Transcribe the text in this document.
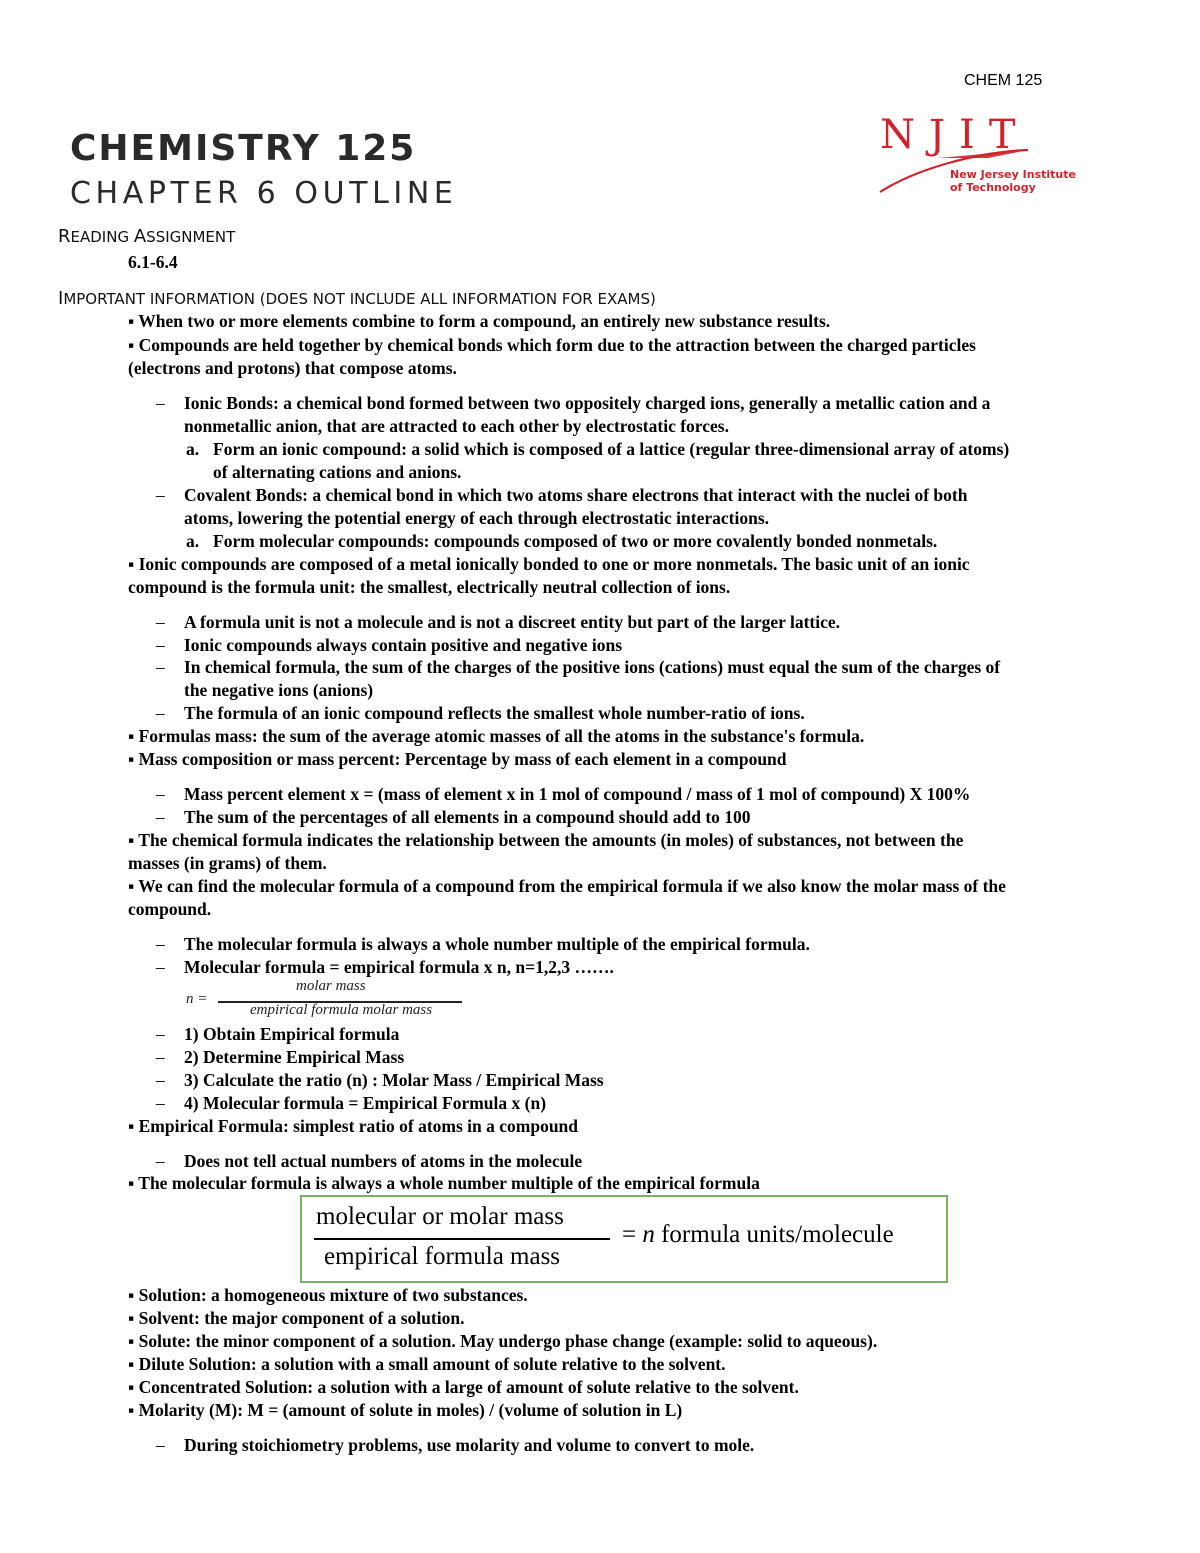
CHEM 125
CHEMISTRY 125
CHAPTER 6 OUTLINE
NJIT
New Jersey Institute
of Technology
READING ASSIGNMENT
6.1-6.4
IMPORTANT INFORMATION (DOES NOT INCLUDE ALL INFORMATION FOR EXAMS)
▪ When two or more elements combine to form a compound, an entirely new substance results.
▪ Compounds are held together by chemical bonds which form due to the attraction between the charged particles
(electrons and protons) that compose atoms.
– Ionic Bonds: a chemical bond formed between two oppositely charged ions, generally a metallic cation and a
nonmetallic anion, that are attracted to each other by electrostatic forces.
a. Form an ionic compound: a solid which is composed of a lattice (regular three-dimensional array of atoms)
of alternating cations and anions.
– Covalent Bonds: a chemical bond in which two atoms share electrons that interact with the nuclei of both
atoms, lowering the potential energy of each through electrostatic interactions.
a. Form molecular compounds: compounds composed of two or more covalently bonded nonmetals.
▪ Ionic compounds are composed of a metal ionically bonded to one or more nonmetals. The basic unit of an ionic
compound is the formula unit: the smallest, electrically neutral collection of ions.
– A formula unit is not a molecule and is not a discreet entity but part of the larger lattice.
– Ionic compounds always contain positive and negative ions
– In chemical formula, the sum of the charges of the positive ions (cations) must equal the sum of the charges of
the negative ions (anions)
– The formula of an ionic compound reflects the smallest whole number-ratio of ions.
▪ Formulas mass: the sum of the average atomic masses of all the atoms in the substance's formula.
▪ Mass composition or mass percent: Percentage by mass of each element in a compound
– Mass percent element x = (mass of element x in 1 mol of compound / mass of 1 mol of compound) X 100%
– The sum of the percentages of all elements in a compound should add to 100
▪ The chemical formula indicates the relationship between the amounts (in moles) of substances, not between the
masses (in grams) of them.
▪ We can find the molecular formula of a compound from the empirical formula if we also know the molar mass of the
compound.
– The molecular formula is always a whole number multiple of the empirical formula.
– Molecular formula = empirical formula x n, n=1,2,3 …….
molar mass
n =
empirical formula molar mass
– 1) Obtain Empirical formula
– 2) Determine Empirical Mass
– 3) Calculate the ratio (n) : Molar Mass / Empirical Mass
– 4) Molecular formula = Empirical Formula x (n)
▪ Empirical Formula: simplest ratio of atoms in a compound
– Does not tell actual numbers of atoms in the molecule
▪ The molecular formula is always a whole number multiple of the empirical formula
molecular or molar mass
empirical formula mass
= n formula units/molecule
▪ Solution: a homogeneous mixture of two substances.
▪ Solvent: the major component of a solution.
▪ Solute: the minor component of a solution. May undergo phase change (example: solid to aqueous).
▪ Dilute Solution: a solution with a small amount of solute relative to the solvent.
▪ Concentrated Solution: a solution with a large of amount of solute relative to the solvent.
▪ Molarity (M): M = (amount of solute in moles) / (volume of solution in L)
– During stoichiometry problems, use molarity and volume to convert to mole.
